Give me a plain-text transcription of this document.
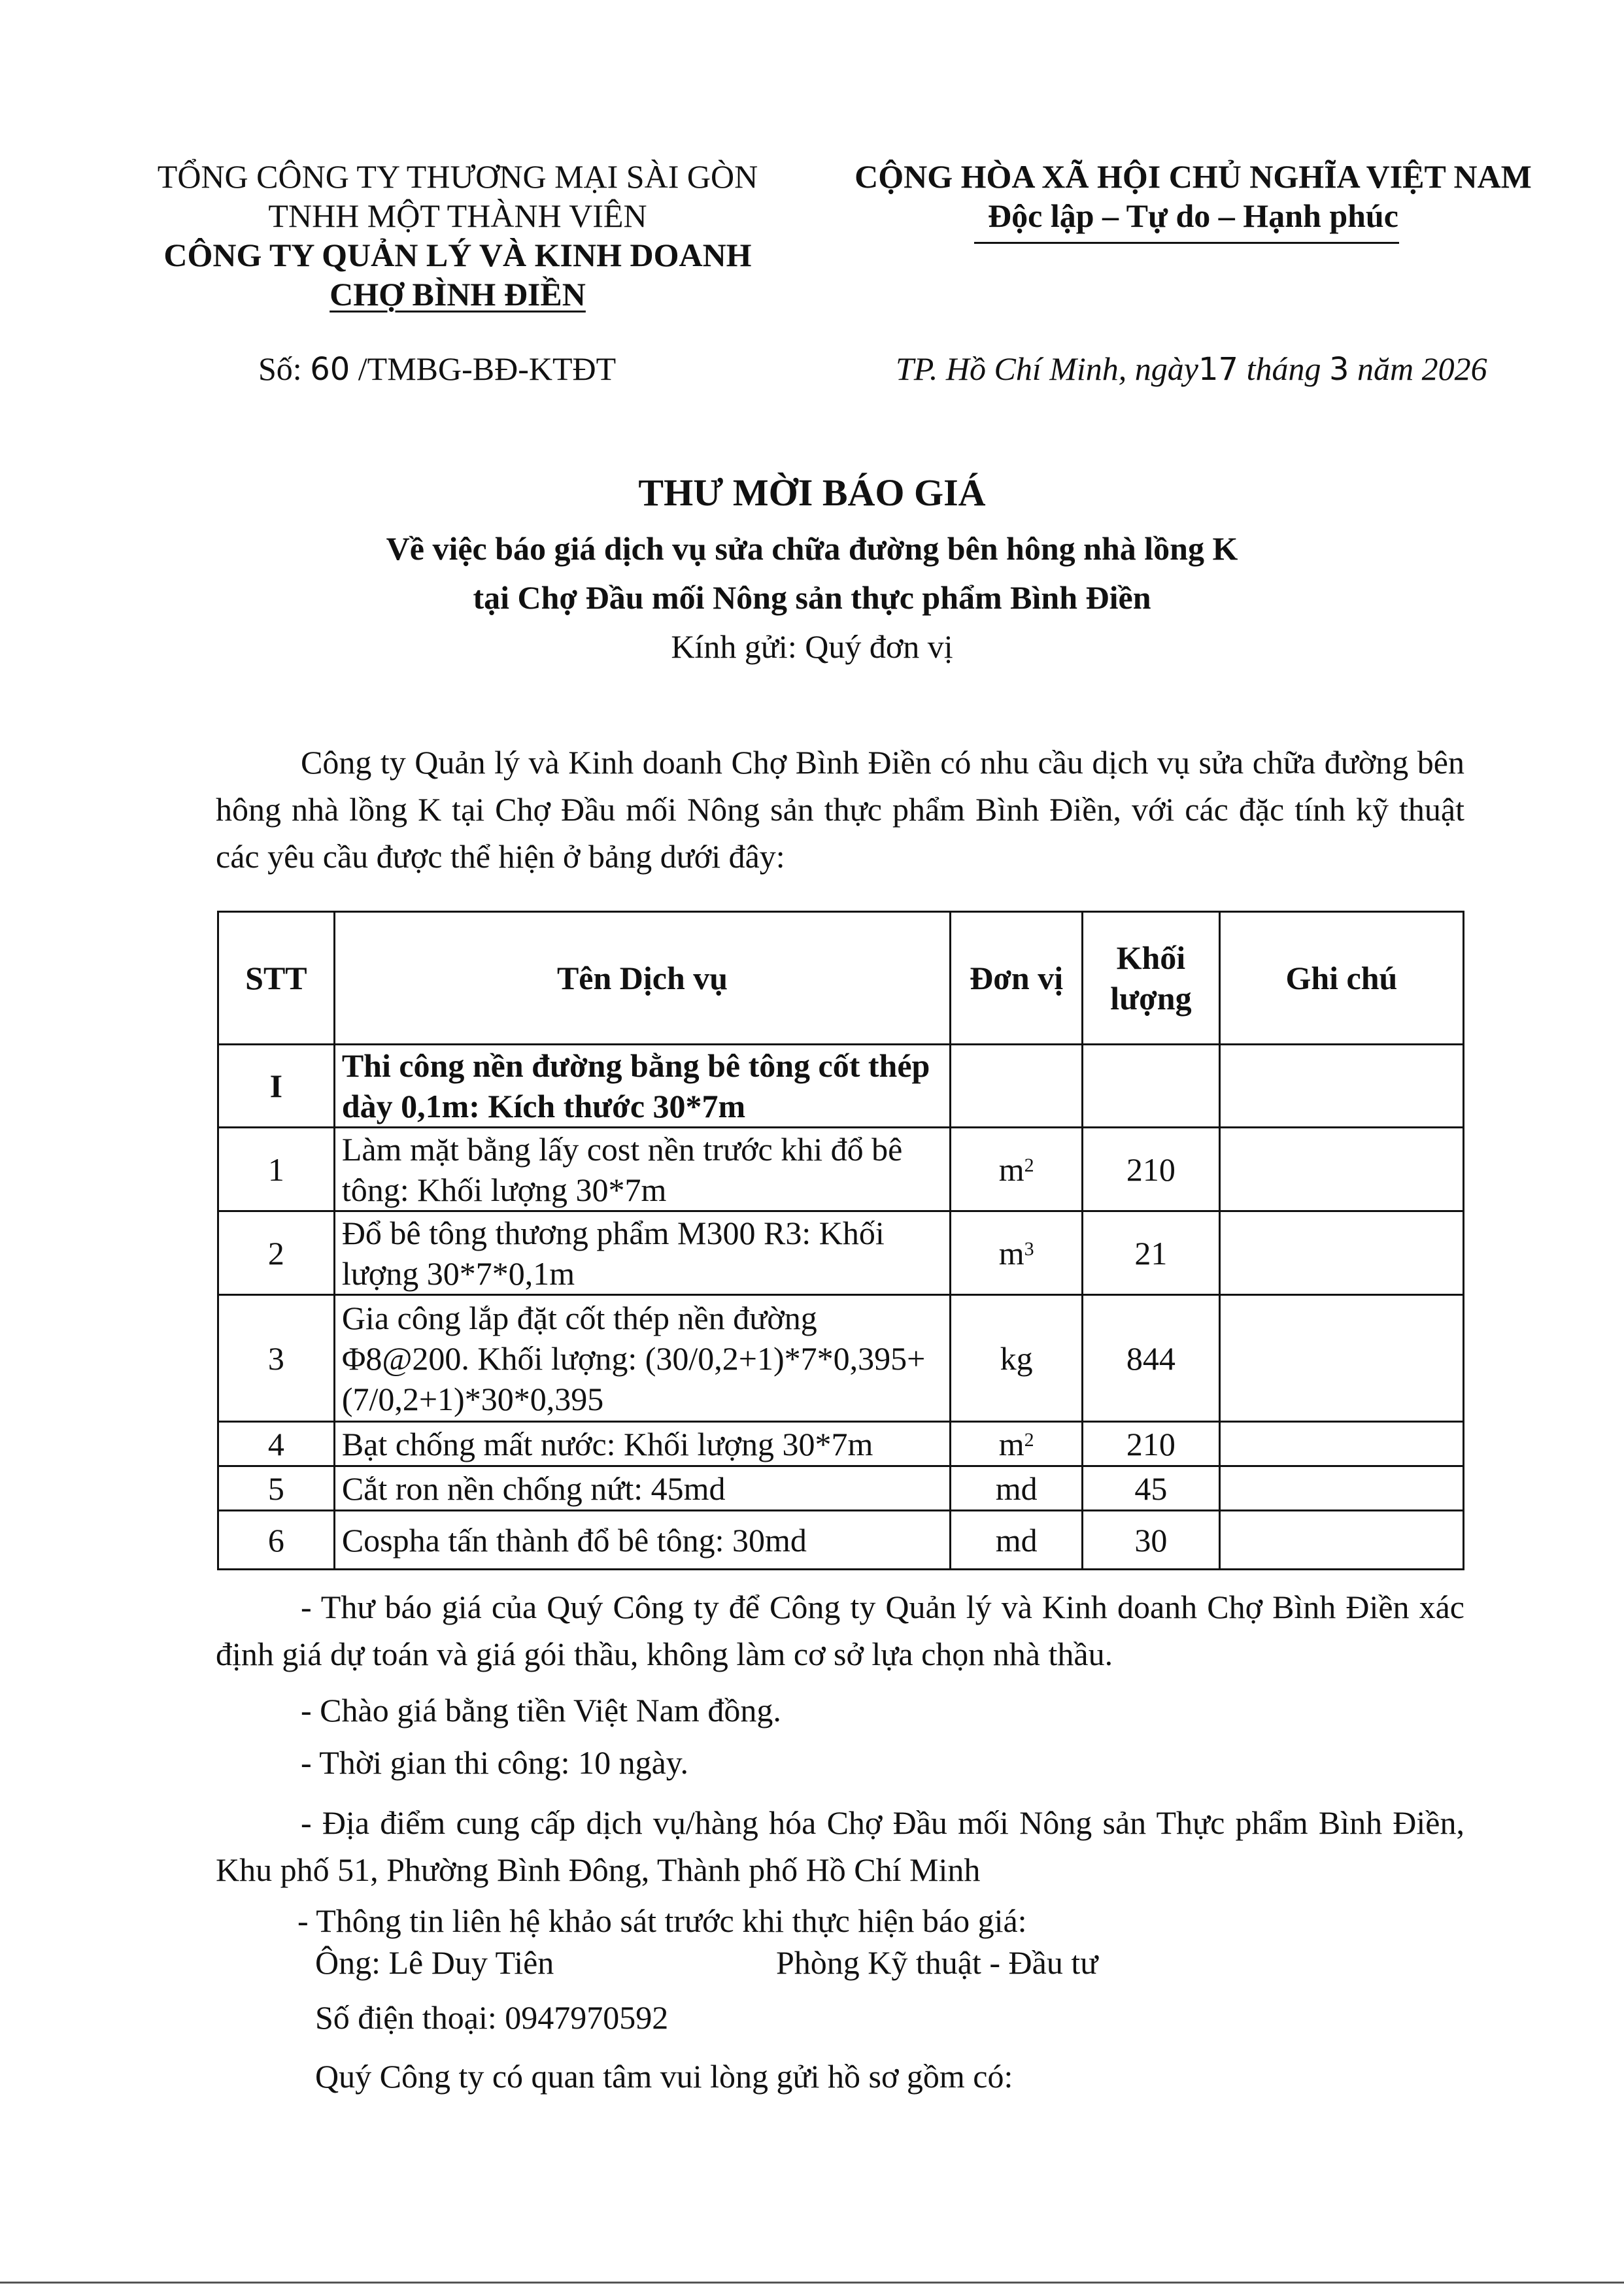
TỔNG CÔNG TY THƯƠNG MẠI SÀI GÒN
TNHH MỘT THÀNH VIÊN
CÔNG TY QUẢN LÝ VÀ KINH DOANH
CHỢ BÌNH ĐIỀN
CỘNG HÒA XÃ HỘI CHỦ NGHĨA VIỆT NAM
Độc lập – Tự do – Hạnh phúc
Số: 60 /TMBG-BĐ-KTĐT	TP. Hồ Chí Minh, ngày17 tháng 3 năm 2026
THƯ MỜI BÁO GIÁ
Về việc báo giá dịch vụ sửa chữa đường bên hông nhà lồng K
tại Chợ Đầu mối Nông sản thực phẩm Bình Điền
Kính gửi: Quý đơn vị
Công ty Quản lý và Kinh doanh Chợ Bình Điền có nhu cầu dịch vụ sửa chữa đường bên hông nhà lồng K tại Chợ Đầu mối Nông sản thực phẩm Bình Điền, với các đặc tính kỹ thuật các yêu cầu được thể hiện ở bảng dưới đây:
STT	Tên Dịch vụ	Đơn vị	Khối lượng	Ghi chú
I	Thi công nền đường bằng bê tông cốt thép dày 0,1m: Kích thước 30*7m			
1	Làm mặt bằng lấy cost nền trước khi đổ bê tông: Khối lượng 30*7m	$m^2$	210	
2	Đổ bê tông thương phẩm M300 R3: Khối lượng 30*7*0,1m	$m^3$	21	
3	Gia công lắp đặt cốt thép nền đường Φ8@200. Khối lượng: (30/0,2+1)*7*0,395+(7/0,2+1)*30*0,395	kg	844	
4	Bạt chống mất nước: Khối lượng 30*7m	$m^2$	210	
5	Cắt ron nền chống nứt: 45md	md	45	
6	Cospha tấn thành đổ bê tông: 30md	md	30	
- Thư báo giá của Quý Công ty để Công ty Quản lý và Kinh doanh Chợ Bình Điền xác định giá dự toán và giá gói thầu, không làm cơ sở lựa chọn nhà thầu.
- Chào giá bằng tiền Việt Nam đồng.
- Thời gian thi công: 10 ngày.
- Địa điểm cung cấp dịch vụ/hàng hóa Chợ Đầu mối Nông sản Thực phẩm Bình Điền, Khu phố 51, Phường Bình Đông, Thành phố Hồ Chí Minh
- Thông tin liên hệ khảo sát trước khi thực hiện báo giá:
Ông: Lê Duy Tiên	Phòng Kỹ thuật - Đầu tư
Số điện thoại: 0947970592
Quý Công ty có quan tâm vui lòng gửi hồ sơ gồm có:
